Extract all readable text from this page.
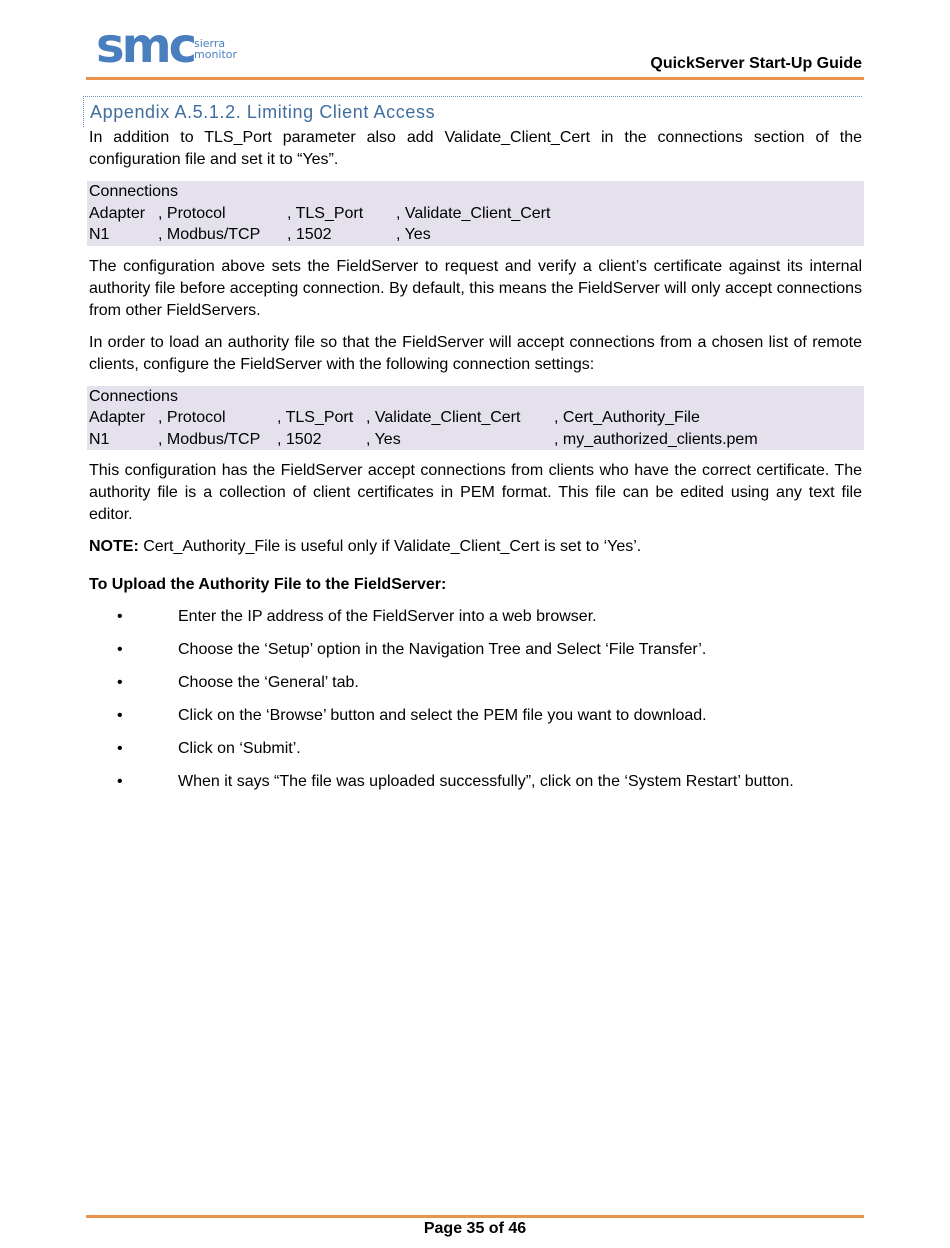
smc sierra
monitor
QuickServer Start-Up Guide
Appendix A.5.1.2. Limiting Client Access

In addition to TLS_Port parameter also add Validate_Client_Cert in the connections section of the configuration file and set it to “Yes”.

Connections
Adapter , Protocol	, TLS_Port	, Validate_Client_Cert
N1	, Modbus/TCP	, 1502	, Yes

The configuration above sets the FieldServer to request and verify a client’s certificate against its internal authority file before accepting connection. By default, this means the FieldServer will only accept connections from other FieldServers.

In order to load an authority file so that the FieldServer will accept connections from a chosen list of remote clients, configure the FieldServer with the following connection settings:

Connections
Adapter , Protocol	, TLS_Port , Validate_Client_Cert	, Cert_Authority_File
N1	, Modbus/TCP	, 1502	, Yes	, my_authorized_clients.pem

This configuration has the FieldServer accept connections from clients who have the correct certificate. The authority file is a collection of client certificates in PEM format. This file can be edited using any text file editor.

NOTE: Cert_Authority_File is useful only if Validate_Client_Cert is set to ‘Yes’.

To Upload the Authority File to the FieldServer:
•	Enter the IP address of the FieldServer into a web browser.
•	Choose the ‘Setup’ option in the Navigation Tree and Select ‘File Transfer’.
•	Choose the ‘General’ tab.
•	Click on the ‘Browse’ button and select the PEM file you want to download.
•	Click on ‘Submit’.
•	When it says “The file was uploaded successfully”, click on the ‘System Restart’ button.
Page 35 of 46
